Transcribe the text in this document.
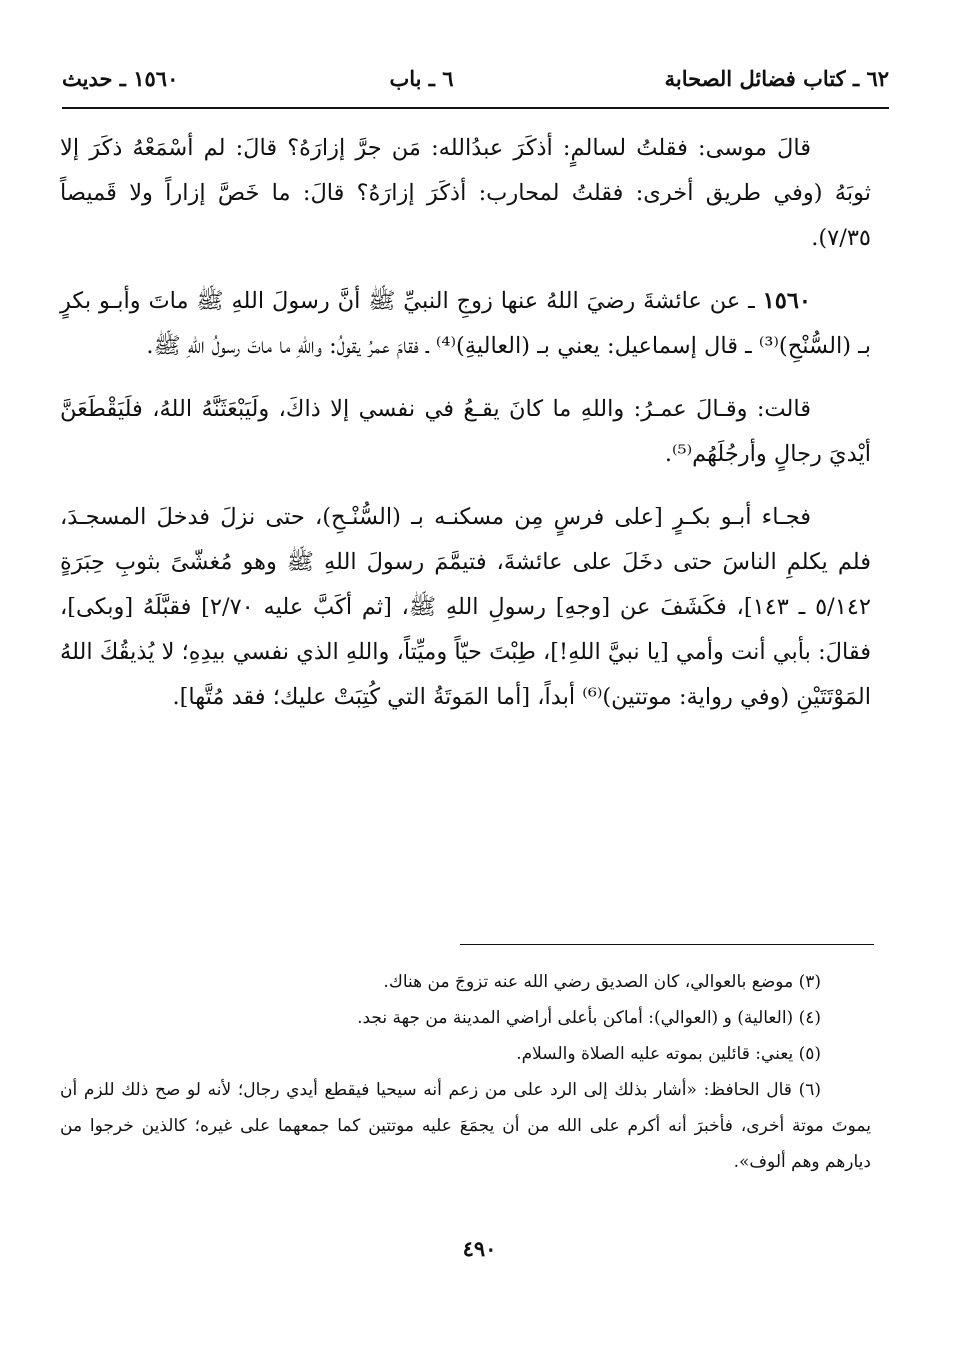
٦٢ ـ كتاب فضائل الصحابة
٦ ـ باب
١٥٦٠ ـ حديث

قالَ موسى: فقلتُ لسالمٍ: أذكَرَ عبدُالله: مَن جرَّ إزارَهُ؟ قالَ: لم أسْمَعْهُ ذكَرَ إلا ثوبَهُ (وفي طريق أخرى: فقلتُ لمحارب: أذكَرَ إزارَهُ؟ قالَ: ما خَصَّ إزاراً ولا قَميصاً ٧/٣٥).

١٥٦٠ ـ عن عائشةَ رضيَ اللهُ عنها زوجِ النبيِّ ﷺ أنَّ رسولَ اللهِ ﷺ ماتَ وأبـو بكرٍ بـ (السُّنْحِ)⁽³⁾ ـ قال إسماعيل: يعني بـ (العاليةِ)⁽⁴⁾ ـ فقامَ عمرُ يقولُ: واللهِ ما ماتَ رسولُ اللهِ ﷺ.

قالت: وقـالَ عمـرُ: واللهِ ما كانَ يقـعُ في نفسي إلا ذاكَ، ولَيَبْعَثَنَّهُ اللهُ، فلَيَقْطَعَنَّ أيْديَ رجالٍ وأرجُلَهُم⁽⁵⁾.

فجـاء أبـو بكـرٍ [على فرسٍ مِن مسكنـه بـ (السُّنْـحِ)، حتى نزلَ فدخلَ المسجـدَ، فلم يكلمِ الناسَ حتى دخَلَ على عائشةَ، فتيمَّمَ رسولَ اللهِ ﷺ وهو مُغشّىً بثوبِ حِبَرَةٍ ٥/١٤٢ ـ ١٤٣]، فكَشَفَ عن [وجهِ] رسولِ اللهِ ﷺ، [ثم أكَبَّ عليه ٢/٧٠] فقبَّلَهُ [وبكى]، فقالَ: بأبي أنت وأمي [يا نبيَّ اللهِ!]، طِبْتَ حيّاً وميِّتاً، واللهِ الذي نفسي بيدِهِ؛ لا يُذيقُكَ اللهُ المَوْتَتَيْنِ (وفي رواية: موتتين)⁽⁶⁾ أبداً، [أما المَوتَةُ التي كُتِبَتْ عليك؛ فقد مُتَّها].

(٣) موضع بالعوالي، كان الصديق رضي الله عنه تزوجَ من هناك.

(٤) (العالية) و (العوالي): أماكن بأعلى أراضي المدينة من جهة نجد.

(٥) يعني: قائلين بموته عليه الصلاة والسلام.

(٦) قال الحافظ: «أشار بذلك إلى الرد على من زعم أنه سيحيا فيقطع أيدي رجال؛ لأنه لو صح ذلك للزم أن يموتَ موتة أخرى، فأخبرَ أنه أكرم على الله من أن يجمَعَ عليه موتتين كما جمعهما على غيره؛ كالذين خرجوا من ديارهم وهم ألوف».

٤٩٠
